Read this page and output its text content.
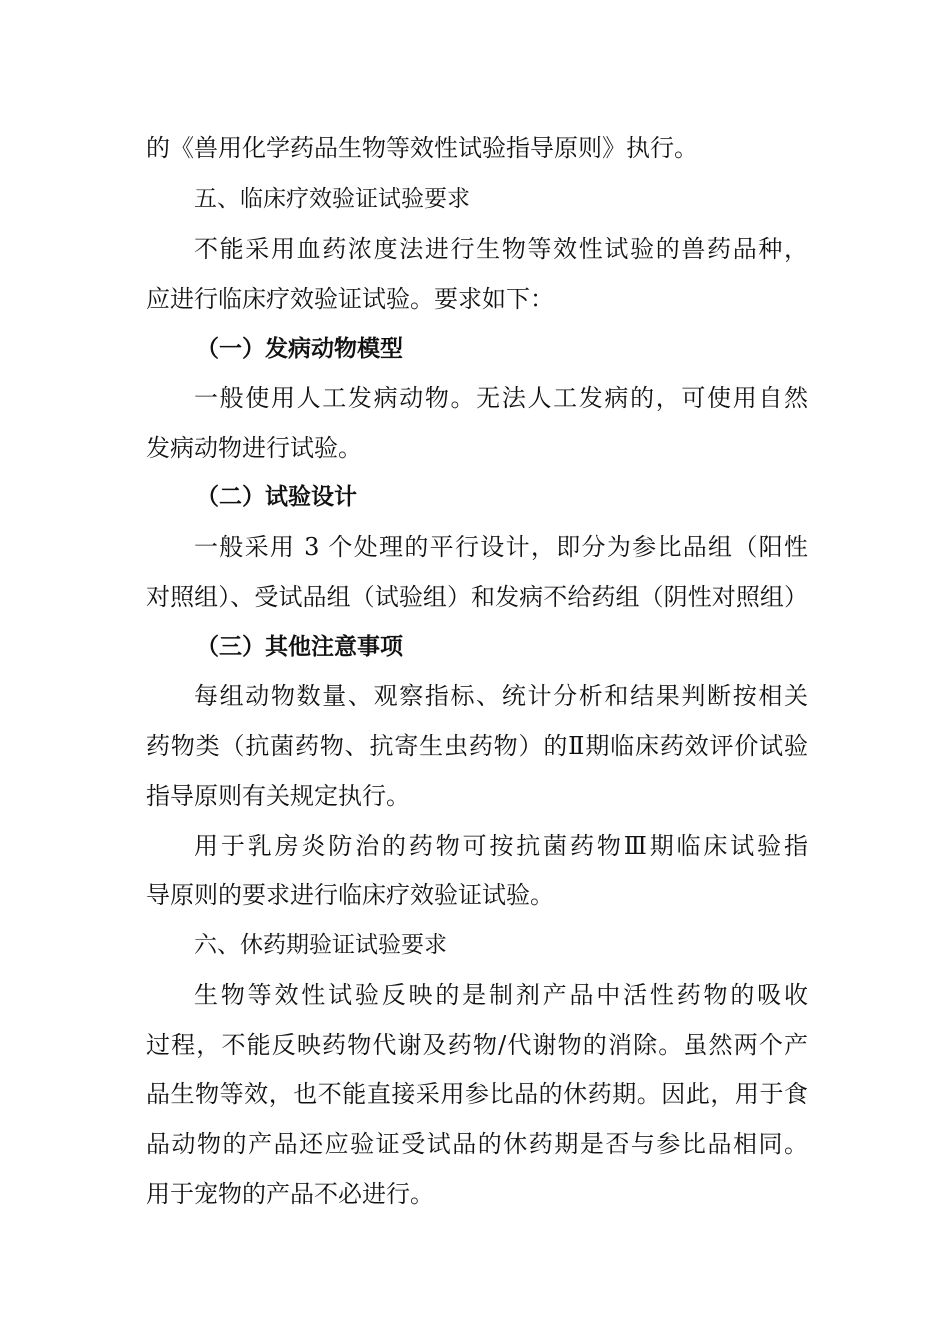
的《兽用化学药品生物等效性试验指导原则》执行。
五、临床疗效验证试验要求
不能采用血药浓度法进行生物等效性试验的兽药品种，
应进行临床疗效验证试验。要求如下：
（一）发病动物模型
一般使用人工发病动物。无法人工发病的，可使用自然
发病动物进行试验。
（二）试验设计
一般采用 3 个处理的平行设计，即分为参比品组（阳性
对照组）、受试品组（试验组）和发病不给药组（阴性对照组）
（三）其他注意事项
每组动物数量、观察指标、统计分析和结果判断按相关
药物类（抗菌药物、抗寄生虫药物）的Ⅱ期临床药效评价试验
指导原则有关规定执行。
用于乳房炎防治的药物可按抗菌药物Ⅲ期临床试验指
导原则的要求进行临床疗效验证试验。
六、休药期验证试验要求
生物等效性试验反映的是制剂产品中活性药物的吸收
过程，不能反映药物代谢及药物/代谢物的消除。虽然两个产
品生物等效，也不能直接采用参比品的休药期。因此，用于食
品动物的产品还应验证受试品的休药期是否与参比品相同。
用于宠物的产品不必进行。
